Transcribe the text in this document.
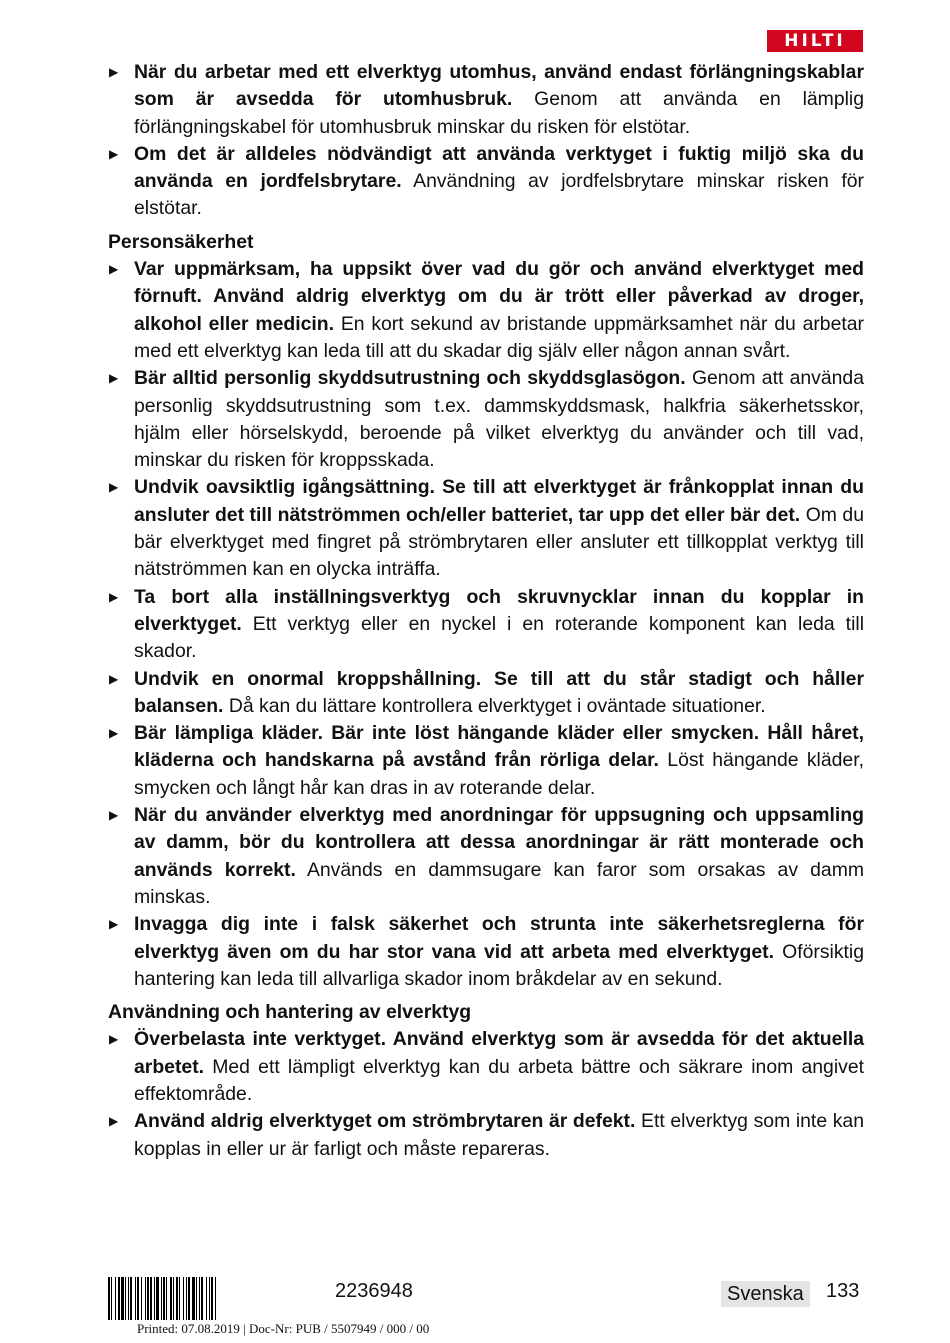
HILTI
▶ När du arbetar med ett elverktyg utomhus, använd endast förlängningskablar som är avsedda för utomhusbruk. Genom att använda en lämplig förlängningskabel för utomhusbruk minskar du risken för elstötar.
▶ Om det är alldeles nödvändigt att använda verktyget i fuktig miljö ska du använda en jordfelsbrytare. Användning av jordfelsbrytare minskar risken för elstötar.
Personsäkerhet
▶ Var uppmärksam, ha uppsikt över vad du gör och använd elverktyget med förnuft. Använd aldrig elverktyg om du är trött eller påverkad av droger, alkohol eller medicin. En kort sekund av bristande uppmärksamhet när du arbetar med ett elverktyg kan leda till att du skadar dig själv eller någon annan svårt.
▶ Bär alltid personlig skyddsutrustning och skyddsglasögon. Genom att använda personlig skyddsutrustning som t.ex. dammskyddsmask, halkfria säkerhetsskor, hjälm eller hörselskydd, beroende på vilket elverktyg du använder och till vad, minskar du risken för kroppsskada.
▶ Undvik oavsiktlig igångsättning. Se till att elverktyget är frånkopplat innan du ansluter det till nätströmmen och/eller batteriet, tar upp det eller bär det. Om du bär elverktyget med fingret på strömbrytaren eller ansluter ett tillkopplat verktyg till nätströmmen kan en olycka inträffa.
▶ Ta bort alla inställningsverktyg och skruvnycklar innan du kopplar in elverktyget. Ett verktyg eller en nyckel i en roterande komponent kan leda till skador.
▶ Undvik en onormal kroppshållning. Se till att du står stadigt och håller balansen. Då kan du lättare kontrollera elverktyget i oväntade situationer.
▶ Bär lämpliga kläder. Bär inte löst hängande kläder eller smycken. Håll håret, kläderna och handskarna på avstånd från rörliga delar. Löst hängande kläder, smycken och långt hår kan dras in av roterande delar.
▶ När du använder elverktyg med anordningar för uppsugning och uppsamling av damm, bör du kontrollera att dessa anordningar är rätt monterade och används korrekt. Används en dammsugare kan faror som orsakas av damm minskas.
▶ Invagga dig inte i falsk säkerhet och strunta inte säkerhetsreglerna för elverktyg även om du har stor vana vid att arbeta med elverktyget. Oförsiktig hantering kan leda till allvarliga skador inom bråkdelar av en sekund.
Användning och hantering av elverktyg
▶ Överbelasta inte verktyget. Använd elverktyg som är avsedda för det aktuella arbetet. Med ett lämpligt elverktyg kan du arbeta bättre och säkrare inom angivet effektområde.
▶ Använd aldrig elverktyget om strömbrytaren är defekt. Ett elverktyg som inte kan kopplas in eller ur är farligt och måste repareras.
2236948	Svenska	133
Printed: 07.08.2019 | Doc-Nr: PUB / 5507949 / 000 / 00
